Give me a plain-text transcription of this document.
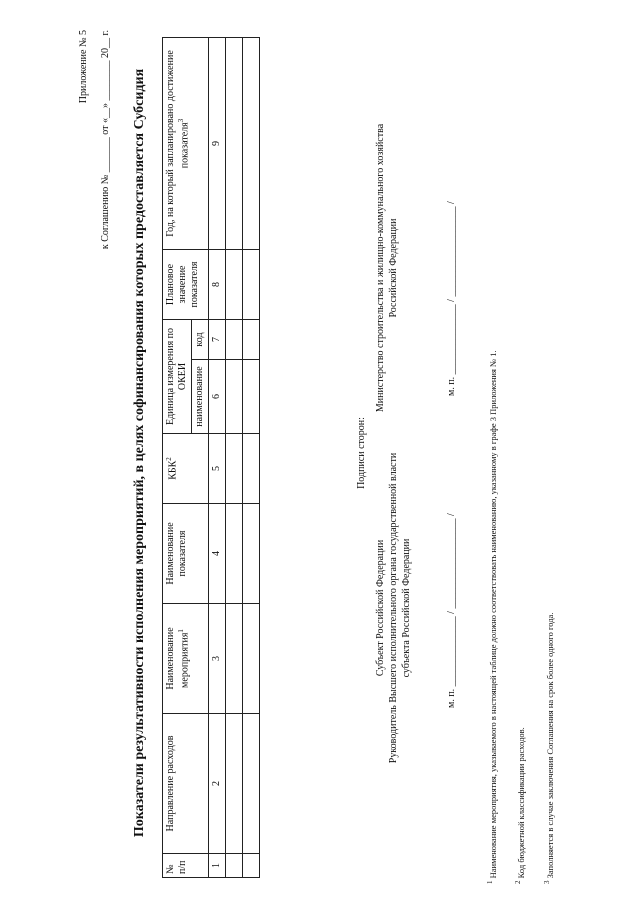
Приложение № 5 к Соглашению № _______ от «__» ________ 20__ г. Показатели результативности исполнения мероприятий, в целях софинансирования которых предоставляется Субсидия
№ п/п	Направление расходов	Наименование мероприятия$^1$	Наименование показателя	КБК$^2$	Единица измерения по ОКЕИ		Плановое значение показателя	Год, на который запланировано достижение показателя$^3$
					наименование	код		
1	2	3	4	5	6	7	8	9

Подписи сторон:
Субъект Российской Федерации Руководитель Высшего исполнительного органа государственной власти субъекта Российской Федерации
Министерство строительства и жилищно-коммунального хозяйства Российской Федерации
м. п. ______________ / __________________ /
м. п. ______________ / __________________ /
$^1$ Наименование мероприятия, указываемого в настоящей таблице должно соответствовать наименованию, указанному в графе 3 Приложения № 1.
$^2$ Код бюджетной классификации расходов.
$^3$ Заполняется в случае заключения Соглашения на срок более одного года.
